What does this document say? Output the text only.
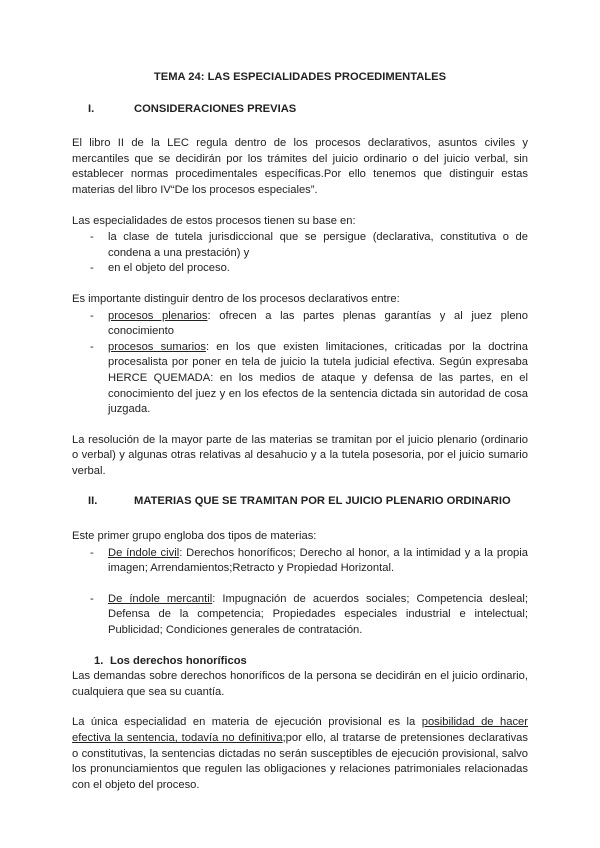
TEMA 24: LAS ESPECIALIDADES PROCEDIMENTALES
I.	CONSIDERACIONES PREVIAS

El libro II de la LEC regula dentro de los procesos declarativos, asuntos civiles y mercantiles que se decidirán por los trámites del juicio ordinario o del juicio verbal, sin establecer normas procedimentales específicas.Por ello tenemos que distinguir estas materias del libro IV“De los procesos especiales”.

Las especialidades de estos procesos tienen su base en:

- la clase de tutela jurisdiccional que se persigue (declarativa, constitutiva o de condena a una prestación) y
- en el objeto del proceso.

Es importante distinguir dentro de los procesos declarativos entre:

- procesos plenarios: ofrecen a las partes plenas garantías y al juez pleno conocimiento
- procesos sumarios: en los que existen limitaciones, criticadas por la doctrina procesalista por poner en tela de juicio la tutela judicial efectiva. Según expresaba HERCE QUEMADA: en los medios de ataque y defensa de las partes, en el conocimiento del juez y en los efectos de la sentencia dictada sin autoridad de cosa juzgada.

La resolución de la mayor parte de las materias se tramitan por el juicio plenario (ordinario o verbal) y algunas otras relativas al desahucio y a la tutela posesoria, por el juicio sumario verbal.

II.	MATERIAS QUE SE TRAMITAN POR EL JUICIO PLENARIO ORDINARIO

Este primer grupo engloba dos tipos de materias:

- De índole civil: Derechos honoríficos; Derecho al honor, a la intimidad y a la propia imagen; Arrendamientos;Retracto y Propiedad Horizontal.
- De índole mercantil: Impugnación de acuerdos sociales; Competencia desleal; Defensa de la competencia; Propiedades especiales industrial e intelectual; Publicidad; Condiciones generales de contratación.
1. Los derechos honoríficos

Las demandas sobre derechos honoríficos de la persona se decidirán en el juicio ordinario, cualquiera que sea su cuantía.

La única especialidad en materia de ejecución provisional es la posibilidad de hacer efectiva la sentencia, todavía no definitiva;por ello, al tratarse de pretensiones declarativas o constitutivas, la sentencias dictadas no serán susceptibles de ejecución provisional, salvo los pronunciamientos que regulen las obligaciones y relaciones patrimoniales relacionadas con el objeto del proceso.
